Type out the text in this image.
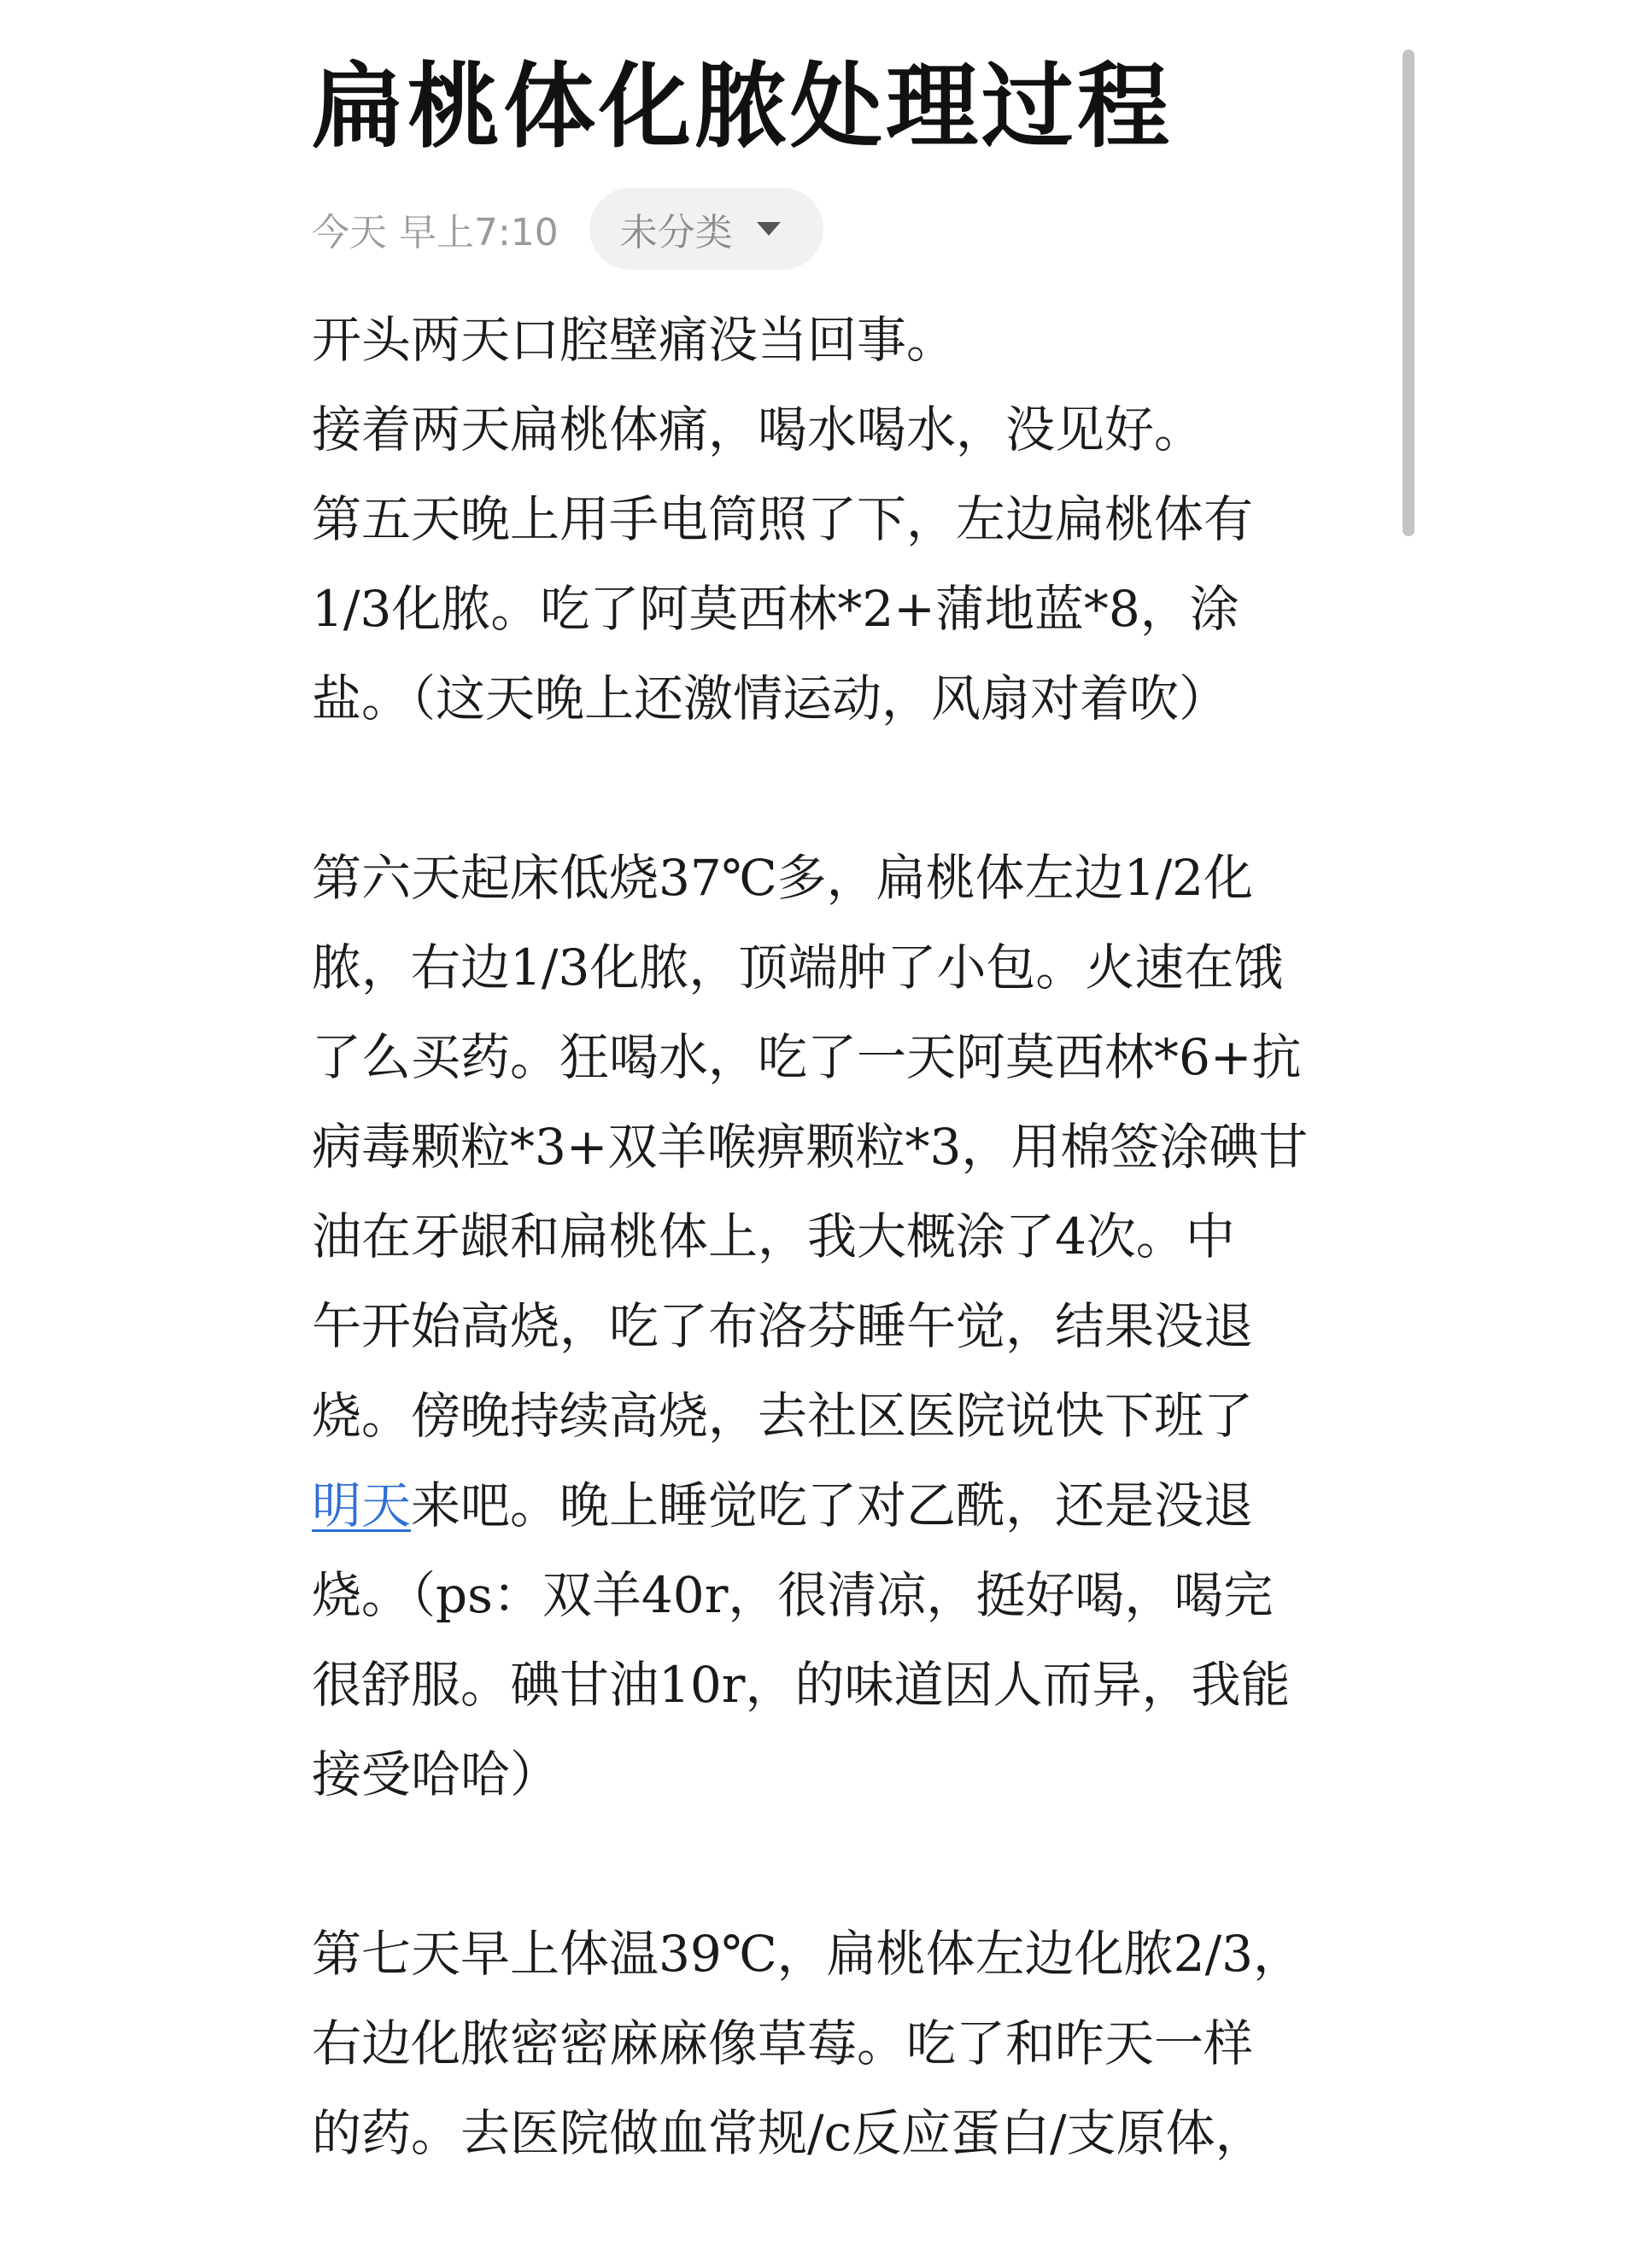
扁桃体化脓处理过程
今天 早上7:10 未分类

开头两天口腔壁痛没当回事。
接着两天扁桃体痛，喝水喝水，没见好。
第五天晚上用手电筒照了下，左边扁桃体有
1/3化脓。吃了阿莫西林*2+蒲地蓝*8，涂
盐。（这天晚上还激情运动，风扇对着吹）

第六天起床低烧37℃多，扁桃体左边1/2化
脓，右边1/3化脓，顶端肿了小包。火速在饿
了么买药。狂喝水，吃了一天阿莫西林*6+抗
病毒颗粒*3+双羊喉痹颗粒*3，用棉签涂碘甘
油在牙龈和扁桃体上，我大概涂了4次。中
午开始高烧，吃了布洛芬睡午觉，结果没退
烧。傍晚持续高烧，去社区医院说快下班了
明天来吧。晚上睡觉吃了对乙酰，还是没退
烧。（ps：双羊40r，很清凉，挺好喝，喝完
很舒服。碘甘油10r，的味道因人而异，我能
接受哈哈）

第七天早上体温39℃，扁桃体左边化脓2/3，
右边化脓密密麻麻像草莓。吃了和昨天一样
的药。去医院做血常规/c反应蛋白/支原体，
